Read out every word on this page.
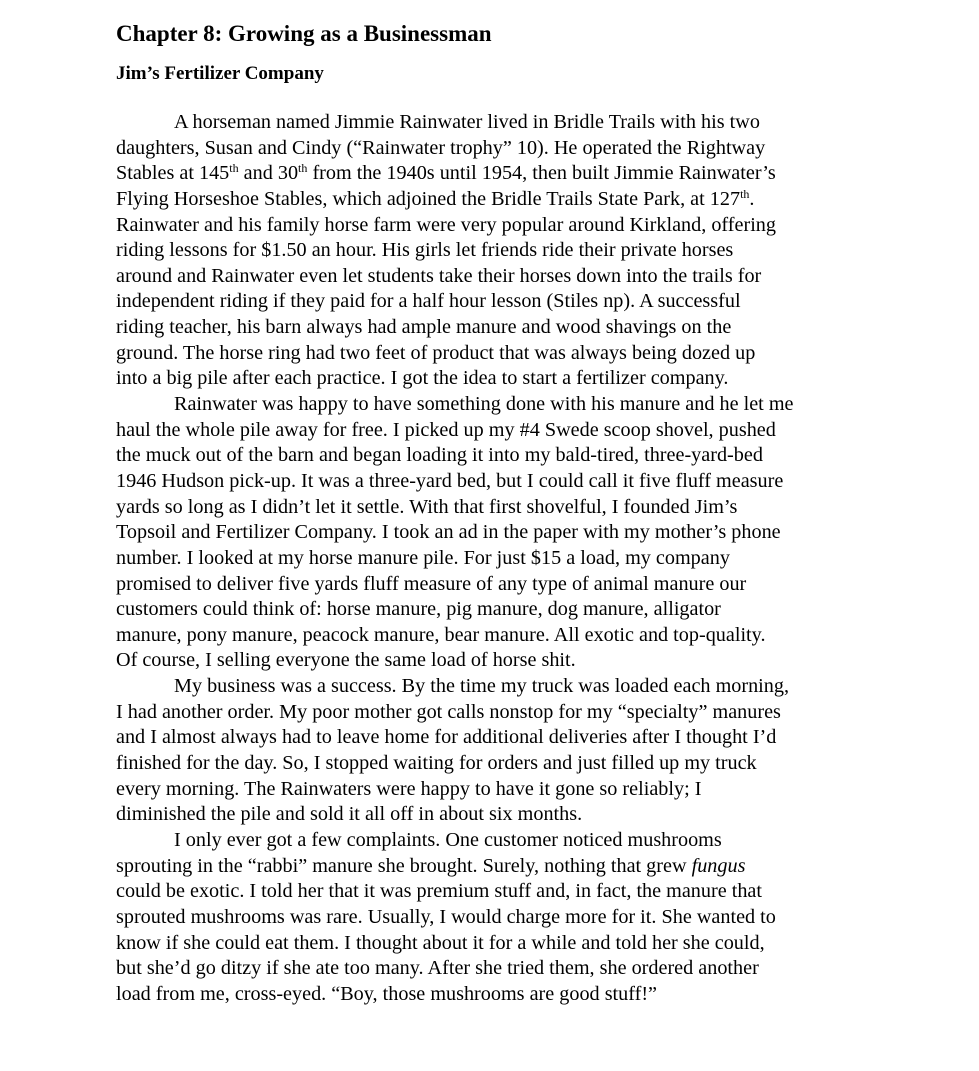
Chapter 8: Growing as a Businessman
Jim’s Fertilizer Company
A horseman named Jimmie Rainwater lived in Bridle Trails with his two
daughters, Susan and Cindy (“Rainwater trophy” 10). He operated the Rightway
Stables at 145th and 30th from the 1940s until 1954, then built Jimmie Rainwater’s
Flying Horseshoe Stables, which adjoined the Bridle Trails State Park, at 127th.
Rainwater and his family horse farm were very popular around Kirkland, offering
riding lessons for $1.50 an hour. His girls let friends ride their private horses
around and Rainwater even let students take their horses down into the trails for
independent riding if they paid for a half hour lesson (Stiles np). A successful
riding teacher, his barn always had ample manure and wood shavings on the
ground. The horse ring had two feet of product that was always being dozed up
into a big pile after each practice. I got the idea to start a fertilizer company.
Rainwater was happy to have something done with his manure and he let me
haul the whole pile away for free. I picked up my #4 Swede scoop shovel, pushed
the muck out of the barn and began loading it into my bald-tired, three-yard-bed
1946 Hudson pick-up. It was a three-yard bed, but I could call it five fluff measure
yards so long as I didn’t let it settle. With that first shovelful, I founded Jim’s
Topsoil and Fertilizer Company. I took an ad in the paper with my mother’s phone
number. I looked at my horse manure pile. For just $15 a load, my company
promised to deliver five yards fluff measure of any type of animal manure our
customers could think of: horse manure, pig manure, dog manure, alligator
manure, pony manure, peacock manure, bear manure. All exotic and top-quality.
Of course, I selling everyone the same load of horse shit.
My business was a success. By the time my truck was loaded each morning,
I had another order. My poor mother got calls nonstop for my “specialty” manures
and I almost always had to leave home for additional deliveries after I thought I’d
finished for the day. So, I stopped waiting for orders and just filled up my truck
every morning. The Rainwaters were happy to have it gone so reliably; I
diminished the pile and sold it all off in about six months.
I only ever got a few complaints. One customer noticed mushrooms
sprouting in the “rabbi” manure she brought. Surely, nothing that grew fungus
could be exotic. I told her that it was premium stuff and, in fact, the manure that
sprouted mushrooms was rare. Usually, I would charge more for it. She wanted to
know if she could eat them. I thought about it for a while and told her she could,
but she’d go ditzy if she ate too many. After she tried them, she ordered another
load from me, cross-eyed. “Boy, those mushrooms are good stuff!”
